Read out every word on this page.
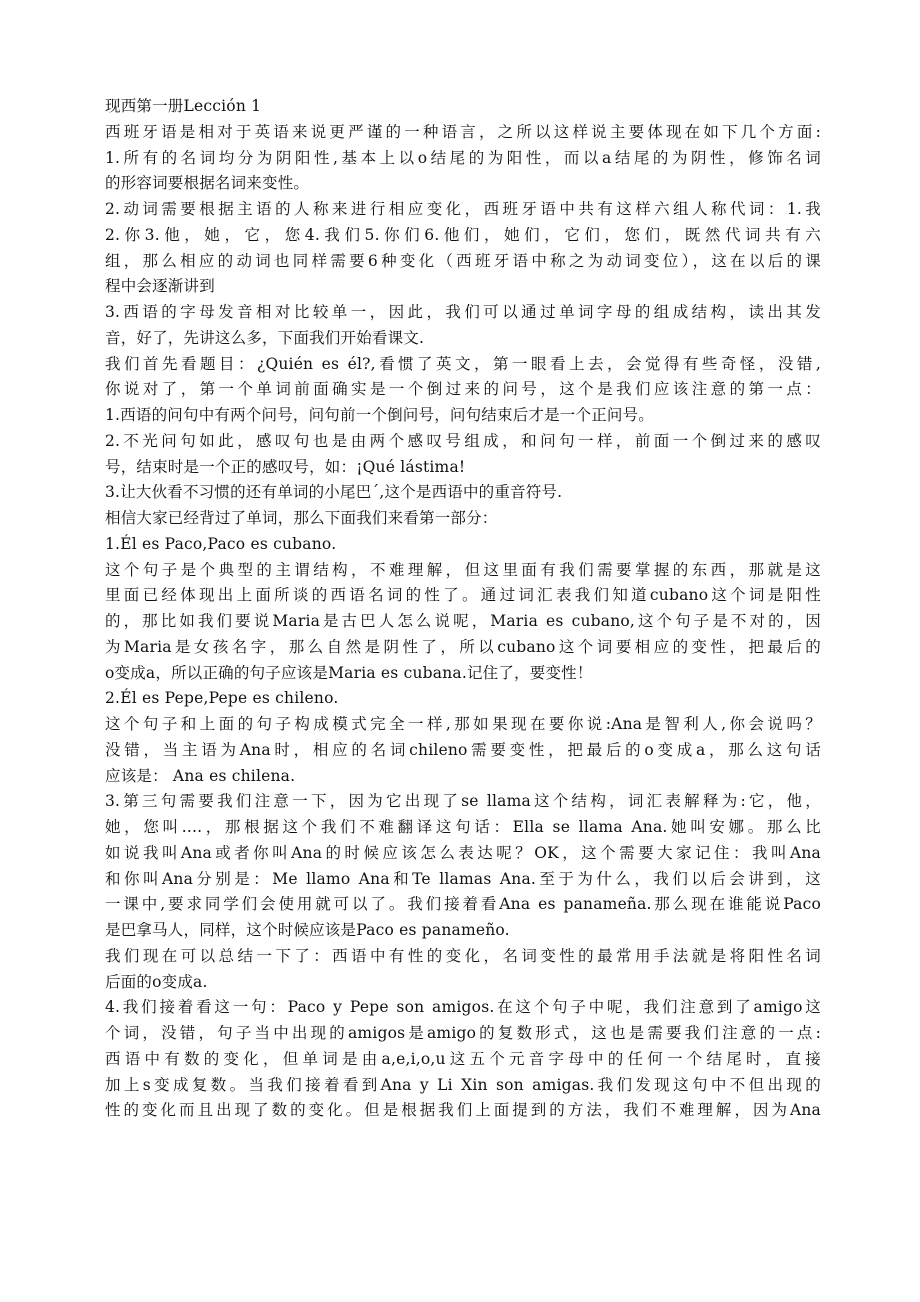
现西第一册Lección 1
西班牙语是相对于英语来说更严谨的一种语言，之所以这样说主要体现在如下几个方面:
1.所有的名词均分为阴阳性,基本上以o结尾的为阳性，而以a结尾的为阴性，修饰名词
的形容词要根据名词来变性。
2.动词需要根据主语的人称来进行相应变化，西班牙语中共有这样六组人称代词：1.我
2.你3.他，她，它，您4.我们5.你们6.他们，她们，它们，您们，既然代词共有六
组，那么相应的动词也同样需要6种变化（西班牙语中称之为动词变位），这在以后的课
程中会逐渐讲到
3.西语的字母发音相对比较单一，因此，我们可以通过单词字母的组成结构，读出其发
音，好了，先讲这么多，下面我们开始看课文.
我们首先看题目：¿Quién es él?,看惯了英文，第一眼看上去，会觉得有些奇怪，没错,
你说对了，第一个单词前面确实是一个倒过来的问号，这个是我们应该注意的第一点：
1.西语的问句中有两个问号，问句前一个倒问号，问句结束后才是一个正问号。
2.不光问句如此，感叹句也是由两个感叹号组成，和问句一样，前面一个倒过来的感叹
号，结束时是一个正的感叹号，如：¡Qué lástima!
3.让大伙看不习惯的还有单词的小尾巴´,这个是西语中的重音符号.
相信大家已经背过了单词，那么下面我们来看第一部分：
1.Él es Paco,Paco es cubano.
这个句子是个典型的主谓结构，不难理解，但这里面有我们需要掌握的东西，那就是这
里面已经体现出上面所谈的西语名词的性了。通过词汇表我们知道cubano这个词是阳性
的，那比如我们要说Maria是古巴人怎么说呢，Maria es cubano,这个句子是不对的，因
为Maria是女孩名字，那么自然是阴性了，所以cubano这个词要相应的变性，把最后的
o变成a，所以正确的句子应该是Maria es cubana.记住了，要变性！
2.Él es Pepe,Pepe es chileno.
这个句子和上面的句子构成模式完全一样,那如果现在要你说:Ana是智利人,你会说吗？
没错，当主语为Ana时，相应的名词chileno需要变性，把最后的o变成a，那么这句话
应该是： Ana es chilena.
3.第三句需要我们注意一下，因为它出现了se llama这个结构，词汇表解释为:它，他，
她，您叫....，那根据这个我们不难翻译这句话：Ella se llama Ana.她叫安娜。那么比
如说我叫Ana或者你叫Ana的时候应该怎么表达呢？OK，这个需要大家记住：我叫Ana
和你叫Ana分别是：Me llamo Ana和Te llamas Ana.至于为什么，我们以后会讲到，这
一课中,要求同学们会使用就可以了。我们接着看Ana es panameña.那么现在谁能说Paco
是巴拿马人，同样，这个时候应该是Paco es panameño.
我们现在可以总结一下了：西语中有性的变化，名词变性的最常用手法就是将阳性名词
后面的o变成a.
4.我们接着看这一句：Paco y Pepe son amigos.在这个句子中呢，我们注意到了amigo这
个词，没错，句子当中出现的amigos是amigo的复数形式，这也是需要我们注意的一点:
西语中有数的变化，但单词是由a,e,i,o,u这五个元音字母中的任何一个结尾时，直接
加上s变成复数。当我们接着看到Ana y Li Xin son amigas.我们发现这句中不但出现的
性的变化而且出现了数的变化。但是根据我们上面提到的方法，我们不难理解，因为Ana
